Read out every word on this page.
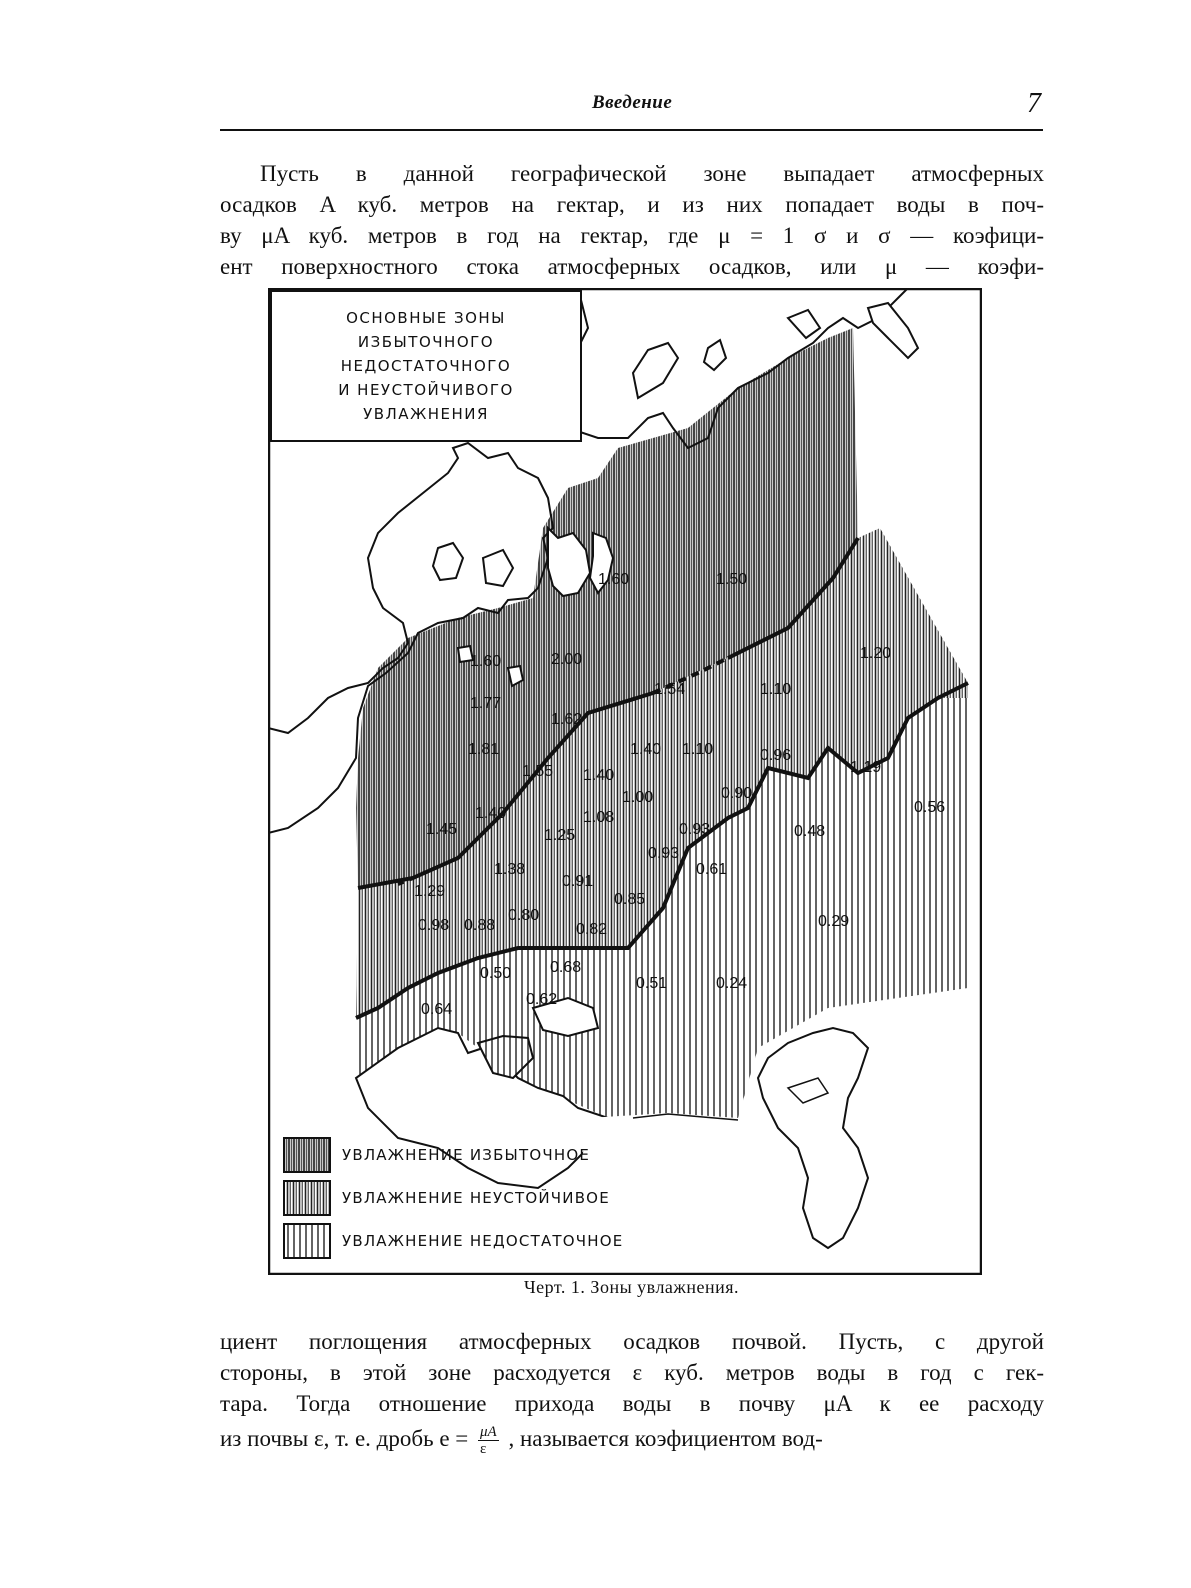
Введение	7
Пусть в данной географической зоне выпадает атмосферных
осадков A куб. метров на гектар, и из них попадает воды в поч-
ву μA куб. метров в год на гектар, где μ = 1 σ и σ — коэфици-
ент поверхностного стока атмосферных осадков, или μ — коэфи-
1.60	1.50
1.60	2.00	1.20
1.54	1.10
1.77
1.62
1.81	1.40 1.10	0.96
1.55 1.40	1.19
1.00	0.90
1.45
1.40	1.08
0.93	0.48
0.56
1.25
0.93
0.61
1.38
0.91
1.29	0.85
0.98 0.88
0.80
0.82	0.29
0.50 0.68
0.51	0.24
0.62
0.64
ОСНОВНЫЕ ЗОНЫ
ИЗБЫТОЧНОГО
НЕДОСТАТОЧНОГО
И НЕУСТОЙЧИВОГО
УВЛАЖНЕНИЯ
УВЛАЖНЕНИЕ ИЗБЫТОЧНОЕ
УВЛАЖНЕНИЕ НЕУСТОЙЧИВОЕ
УВЛАЖНЕНИЕ НЕДОСТАТОЧНОЕ
Черт. 1. Зоны увлажнения.
циент поглощения атмосферных осадков почвой. Пусть, с другой
стороны, в этой зоне расходуется ε куб. метров воды в год с гек-
тара. Тогда отношение прихода воды в почву μA к ее расходу
из почвы ε, т. е. дробь $e = \frac{\mu A}{\varepsilon}$ , называется коэфициентом вод-
